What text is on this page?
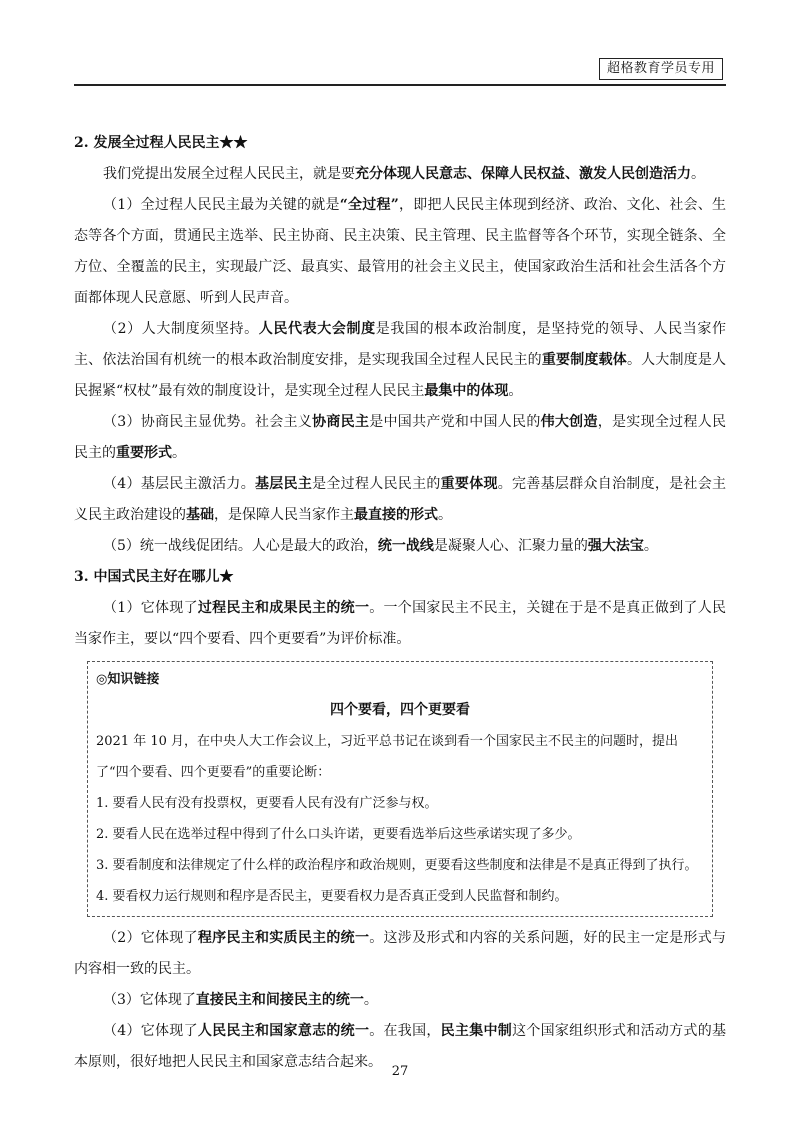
超格教育学员专用

2. 发展全过程人民民主★★

我们党提出发展全过程人民民主，就是要充分体现人民意志、保障人民权益、激发人民创造活力。

（1）全过程人民民主最为关键的就是“全过程”，即把人民民主体现到经济、政治、文化、社会、生态等各个方面，贯通民主选举、民主协商、民主决策、民主管理、民主监督等各个环节，实现全链条、全方位、全覆盖的民主，实现最广泛、最真实、最管用的社会主义民主，使国家政治生活和社会生活各个方面都体现人民意愿、听到人民声音。

（2）人大制度须坚持。人民代表大会制度是我国的根本政治制度，是坚持党的领导、人民当家作主、依法治国有机统一的根本政治制度安排，是实现我国全过程人民民主的重要制度载体。人大制度是人民握紧“权杖”最有效的制度设计，是实现全过程人民民主最集中的体现。

（3）协商民主显优势。社会主义协商民主是中国共产党和中国人民的伟大创造，是实现全过程人民民主的重要形式。

（4）基层民主激活力。基层民主是全过程人民民主的重要体现。完善基层群众自治制度，是社会主义民主政治建设的基础，是保障人民当家作主最直接的形式。

（5）统一战线促团结。人心是最大的政治，统一战线是凝聚人心、汇聚力量的强大法宝。

3. 中国式民主好在哪儿★

（1）它体现了过程民主和成果民主的统一。一个国家民主不民主，关键在于是不是真正做到了人民当家作主，要以“四个要看、四个更要看”为评价标准。

◎知识链接

四个要看，四个更要看

2021 年 10 月，在中央人大工作会议上，习近平总书记在谈到看一个国家民主不民主的问题时，提出了“四个要看、四个更要看”的重要论断：

1. 要看人民有没有投票权，更要看人民有没有广泛参与权。

2. 要看人民在选举过程中得到了什么口头许诺，更要看选举后这些承诺实现了多少。

3. 要看制度和法律规定了什么样的政治程序和政治规则，更要看这些制度和法律是不是真正得到了执行。

4. 要看权力运行规则和程序是否民主，更要看权力是否真正受到人民监督和制约。

（2）它体现了程序民主和实质民主的统一。这涉及形式和内容的关系问题，好的民主一定是形式与内容相一致的民主。

（3）它体现了直接民主和间接民主的统一。

（4）它体现了人民民主和国家意志的统一。在我国，民主集中制这个国家组织形式和活动方式的基本原则，很好地把人民民主和国家意志结合起来。

27
